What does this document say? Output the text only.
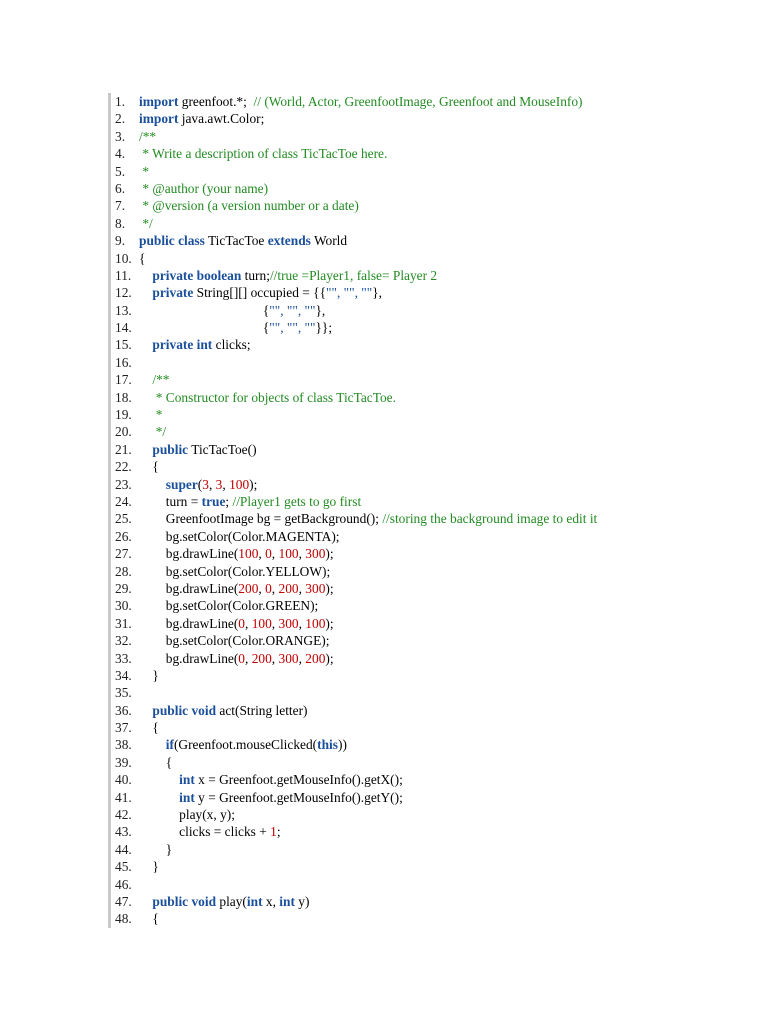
1. import greenfoot.*;  // (World, Actor, GreenfootImage, Greenfoot and MouseInfo)
2. import java.awt.Color;
3. /**
4. * Write a description of class TicTacToe here.
5. *
6. * @author (your name)
7. * @version (a version number or a date)
8. */
9. public class TicTacToe extends World
10. {
11. private boolean turn;//true =Player1, false= Player 2
12. private String[][] occupied = {{"", "", ""},
13.                                     {"", "", ""},
14.                                     {"", "", ""}};
15. private int clicks;
16.
17. /**
18.     * Constructor for objects of class TicTacToe.
19.     *
20.     */
21. public TicTacToe()
22.    {
23.	super(3, 3, 100);
24.        turn = true; //Player1 gets to go first
25.        GreenfootImage bg = getBackground(); //storing the background image to edit it
26.        bg.setColor(Color.MAGENTA);
27.        bg.drawLine(100, 0, 100, 300);
28.        bg.setColor(Color.YELLOW);
29.        bg.drawLine(200, 0, 200, 300);
30.        bg.setColor(Color.GREEN);
31.        bg.drawLine(0, 100, 300, 100);
32.        bg.setColor(Color.ORANGE);
33.        bg.drawLine(0, 200, 300, 200);
34.    }
35.
36. public void act(String letter)
37.    {
38.	if(Greenfoot.mouseClicked(this))
39.        {
40.	int x = Greenfoot.getMouseInfo().getX();
41.	int y = Greenfoot.getMouseInfo().getY();
42.            play(x, y);
43.            clicks = clicks + 1;
44.        }
45.    }
46.
47. public void play(int x, int y)
48.    {
